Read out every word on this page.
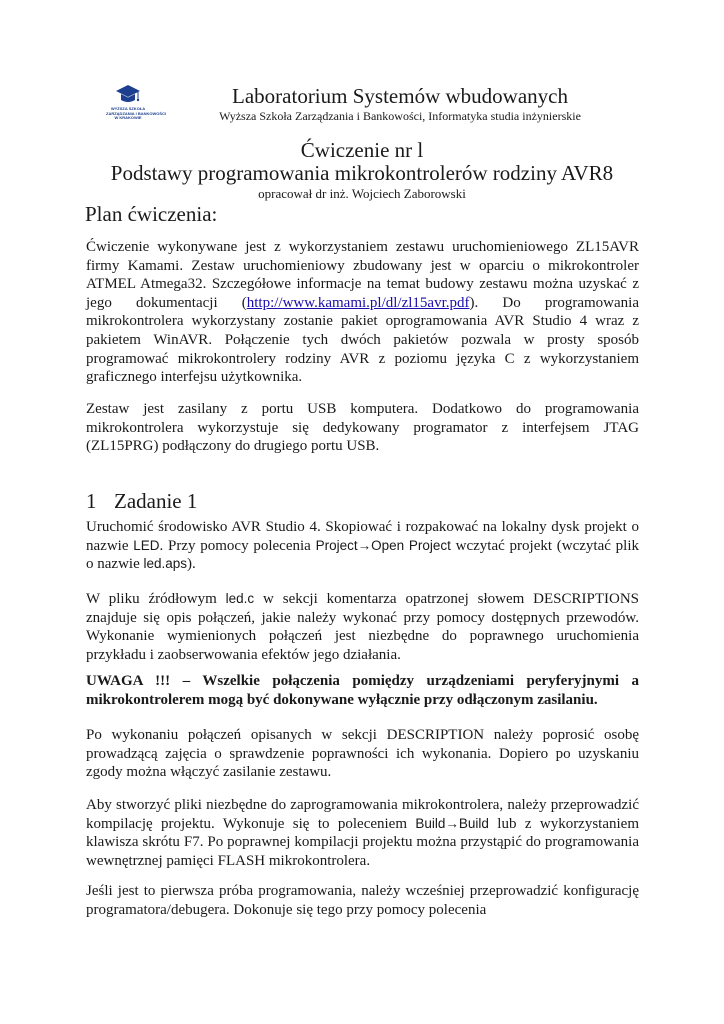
WYŻSZA SZKOŁA
ZARZĄDZANIA I BANKOWOŚCI
W KRAKOWIE
Laboratorium Systemów wbudowanych
Wyższa Szkoła Zarządzania i Bankowości, Informatyka studia inżynierskie
Ćwiczenie nr l
Podstawy programowania mikrokontrolerów rodziny AVR8
opracował dr inż. Wojciech Zaborowski
Plan ćwiczenia:
Ćwiczenie wykonywane jest z wykorzystaniem zestawu uruchomieniowego ZL15AVR firmy Kamami. Zestaw uruchomieniowy zbudowany jest w oparciu o mikrokontroler ATMEL Atmega32. Szczegółowe informacje na temat budowy zestawu można uzyskać z jego dokumentacji (http://www.kamami.pl/dl/zl15avr.pdf). Do programowania mikrokontrolera wykorzystany zostanie pakiet oprogramowania AVR Studio 4 wraz z pakietem WinAVR. Połączenie tych dwóch pakietów pozwala w prosty sposób programować mikrokontrolery rodziny AVR z poziomu języka C z wykorzystaniem graficznego interfejsu użytkownika.
Zestaw jest zasilany z portu USB komputera. Dodatkowo do programowania mikrokontrolera wykorzystuje się dedykowany programator z interfejsem JTAG (ZL15PRG) podłączony do drugiego portu USB.
1 Zadanie 1
Uruchomić środowisko AVR Studio 4. Skopiować i rozpakować na lokalny dysk projekt o nazwie LED. Przy pomocy polecenia Project→Open Project wczytać projekt (wczytać plik o nazwie led.aps).
W pliku źródłowym led.c w sekcji komentarza opatrzonej słowem DESCRIPTIONS znajduje się opis połączeń, jakie należy wykonać przy pomocy dostępnych przewodów. Wykonanie wymienionych połączeń jest niezbędne do poprawnego uruchomienia przykładu i zaobserwowania efektów jego działania.
UWAGA !!! – Wszelkie połączenia pomiędzy urządzeniami peryferyjnymi a mikrokontrolerem mogą być dokonywane wyłącznie przy odłączonym zasilaniu.
Po wykonaniu połączeń opisanych w sekcji DESCRIPTION należy poprosić osobę prowadzącą zajęcia o sprawdzenie poprawności ich wykonania. Dopiero po uzyskaniu zgody można włączyć zasilanie zestawu.
Aby stworzyć pliki niezbędne do zaprogramowania mikrokontrolera, należy przeprowadzić kompilację projektu. Wykonuje się to poleceniem Build→Build lub z wykorzystaniem klawisza skrótu F7. Po poprawnej kompilacji projektu można przystąpić do programowania wewnętrznej pamięci FLASH mikrokontrolera.
Jeśli jest to pierwsza próba programowania, należy wcześniej przeprowadzić konfigurację programatora/debugera. Dokonuje się tego przy pomocy polecenia
